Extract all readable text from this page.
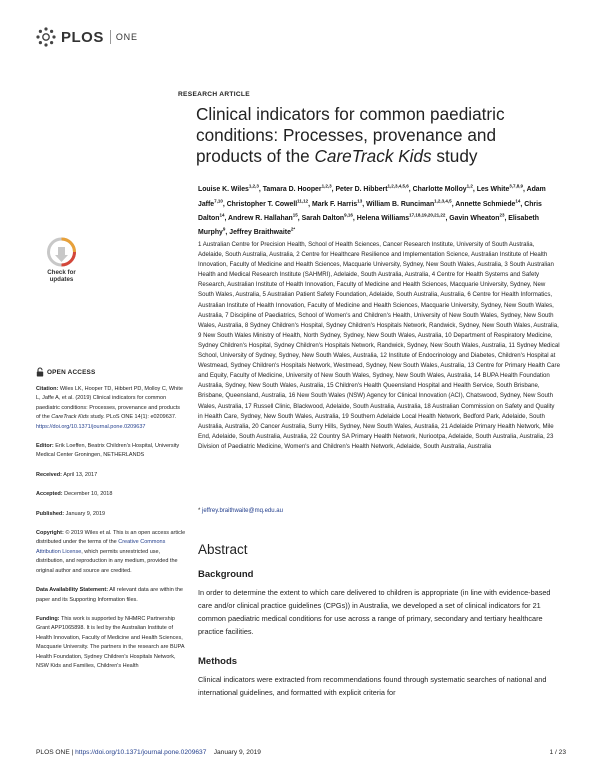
PLOS ONE
RESEARCH ARTICLE
Clinical indicators for common paediatric conditions: Processes, provenance and products of the CareTrack Kids study
Louise K. Wiles$^{1,2,3}$, Tamara D. Hooper$^{1,2,3}$, Peter D. Hibbert$^{1,2,3,4,5,6}$, Charlotte Molloy$^{1,2}$, Les White$^{3,7,8,9}$, Adam Jaffe$^{7,10}$, Christopher T. Cowell$^{11,12}$, Mark F. Harris$^{13}$, William B. Runciman$^{1,2,3,4,5}$, Annette Schmiede$^{14}$, Chris Dalton$^{14}$, Andrew R. Hallahan$^{15}$, Sarah Dalton$^{9,16}$, Helena Williams$^{17,18,19,20,21,22}$, Gavin Wheaton$^{23}$, Elisabeth Murphy$^9$, Jeffrey Braithwaite$^{2*}$
1 Australian Centre for Precision Health, School of Health Sciences, Cancer Research Institute, University of South Australia, Adelaide, South Australia, Australia, 2 Centre for Healthcare Resilience and Implementation Science, Australian Institute of Health Innovation, Faculty of Medicine and Health Sciences, Macquarie University, Sydney, New South Wales, Australia, 3 South Australian Health and Medical Research Institute (SAHMRI), Adelaide, South Australia, Australia, 4 Centre for Health Systems and Safety Research, Australian Institute of Health Innovation, Faculty of Medicine and Health Sciences, Macquarie University, Sydney, New South Wales, Australia, 5 Australian Patient Safety Foundation, Adelaide, South Australia, Australia, 6 Centre for Health Informatics, Australian Institute of Health Innovation, Faculty of Medicine and Health Sciences, Macquarie University, Sydney, New South Wales, Australia, 7 Discipline of Paediatrics, School of Women's and Children's Health, University of New South Wales, Sydney, New South Wales, Australia, 8 Sydney Children's Hospital, Sydney Children's Hospitals Network, Randwick, Sydney, New South Wales, Australia, 9 New South Wales Ministry of Health, North Sydney, Sydney, New South Wales, Australia, 10 Department of Respiratory Medicine, Sydney Children's Hospital, Sydney Children's Hospitals Network, Randwick, Sydney, New South Wales, Australia, 11 Sydney Medical School, University of Sydney, Sydney, New South Wales, Australia, 12 Institute of Endocrinology and Diabetes, Children's Hospital at Westmead, Sydney Children's Hospitals Network, Westmead, Sydney, New South Wales, Australia, 13 Centre for Primary Health Care and Equity, Faculty of Medicine, University of New South Wales, Sydney, New South Wales, Australia, 14 BUPA Health Foundation Australia, Sydney, New South Wales, Australia, 15 Children's Health Queensland Hospital and Health Service, South Brisbane, Brisbane, Queensland, Australia, 16 New South Wales (NSW) Agency for Clinical Innovation (ACI), Chatswood, Sydney, New South Wales, Australia, 17 Russell Clinic, Blackwood, Adelaide, South Australia, Australia, 18 Australian Commission on Safety and Quality in Health Care, Sydney, New South Wales, Australia, 19 Southern Adelaide Local Health Network, Bedford Park, Adelaide, South Australia, Australia, 20 Cancer Australia, Surry Hills, Sydney, New South Wales, Australia, 21 Adelaide Primary Health Network, Mile End, Adelaide, South Australia, Australia, 22 Country SA Primary Health Network, Nuriootpa, Adelaide, South Australia, Australia, 23 Division of Paediatric Medicine, Women's and Children's Health Network, Adelaide, South Australia, Australia
* jeffrey.braithwaite@mq.edu.au
Abstract
Background
In order to determine the extent to which care delivered to children is appropriate (in line with evidence-based care and/or clinical practice guidelines (CPGs)) in Australia, we developed a set of clinical indicators for 21 common paediatric medical conditions for use across a range of primary, secondary and tertiary healthcare practice facilities.
Methods
Clinical indicators were extracted from recommendations found through systematic searches of national and international guidelines, and formatted with explicit criteria for
Check for
updates
OPEN ACCESS

Citation: Wiles LK, Hooper TD, Hibbert PD, Molloy C, White L, Jaffe A, et al. (2019) Clinical indicators for common paediatric conditions: Processes, provenance and products of the CareTrack Kids study. PLoS ONE 14(1): e0209637. https://doi.org/10.1371/journal.pone.0209637

Editor: Erik Loeffen, Beatrix Children's Hospital, University Medical Center Groningen, NETHERLANDS

Received: April 13, 2017

Accepted: December 10, 2018

Published: January 9, 2019

Copyright: © 2019 Wiles et al. This is an open access article distributed under the terms of the Creative Commons Attribution License, which permits unrestricted use, distribution, and reproduction in any medium, provided the original author and source are credited.

Data Availability Statement: All relevant data are within the paper and its Supporting Information files.

Funding: This work is supported by NHMRC Partnership Grant APP1065898. It is led by the Australian Institute of Health Innovation, Faculty of Medicine and Health Sciences, Macquarie University. The partners in the research are BUPA Health Foundation, Sydney Children's Hospitals Network, NSW Kids and Families, Children's Health

PLOS ONE | https://doi.org/10.1371/journal.pone.0209637 January 9, 2019	1 / 23
